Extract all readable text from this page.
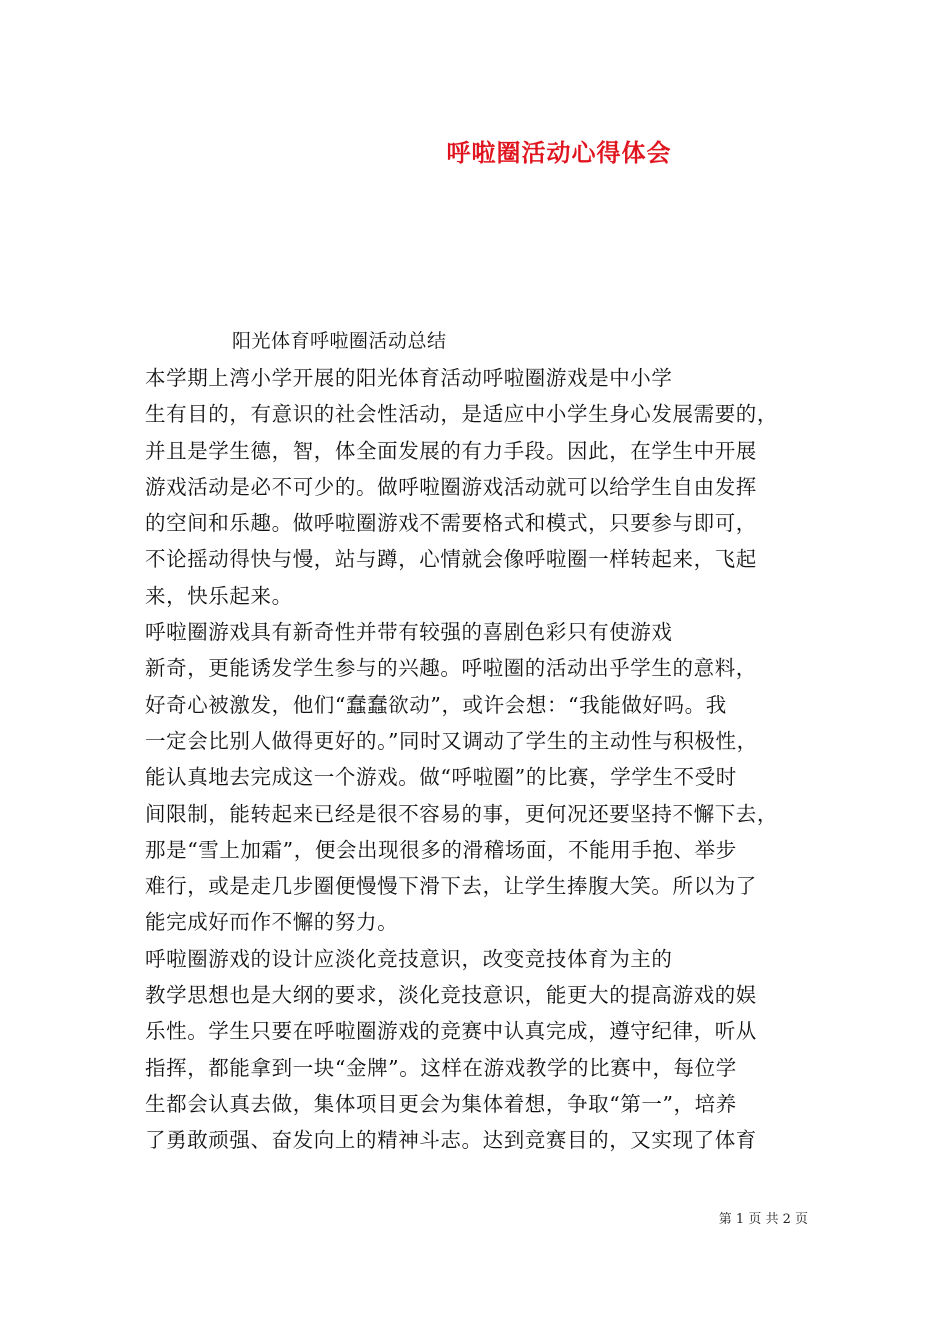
呼啦圈活动心得体会
阳光体育呼啦圈活动总结
本学期上湾小学开展的阳光体育活动呼啦圈游戏是中小学
生有目的，有意识的社会性活动，是适应中小学生身心发展需要的，
并且是学生德，智，体全面发展的有力手段。因此，在学生中开展
游戏活动是必不可少的。做呼啦圈游戏活动就可以给学生自由发挥
的空间和乐趣。做呼啦圈游戏不需要格式和模式，只要参与即可，
不论摇动得快与慢，站与蹲，心情就会像呼啦圈一样转起来，飞起
来，快乐起来。
呼啦圈游戏具有新奇性并带有较强的喜剧色彩只有使游戏
新奇，更能诱发学生参与的兴趣。呼啦圈的活动出乎学生的意料，
好奇心被激发，他们“蠢蠢欲动”，或许会想：“我能做好吗。我
一定会比别人做得更好的。”同时又调动了学生的主动性与积极性，
能认真地去完成这一个游戏。做“呼啦圈”的比赛，学学生不受时
间限制，能转起来已经是很不容易的事，更何况还要坚持不懈下去，
那是“雪上加霜”，便会出现很多的滑稽场面，不能用手抱、举步
难行，或是走几步圈便慢慢下滑下去，让学生捧腹大笑。所以为了
能完成好而作不懈的努力。
呼啦圈游戏的设计应淡化竞技意识，改变竞技体育为主的
教学思想也是大纲的要求，淡化竞技意识，能更大的提高游戏的娱
乐性。学生只要在呼啦圈游戏的竞赛中认真完成，遵守纪律，听从
指挥，都能拿到一块“金牌”。这样在游戏教学的比赛中，每位学
生都会认真去做，集体项目更会为集体着想，争取“第一”，培养
了勇敢顽强、奋发向上的精神斗志。达到竞赛目的，又实现了体育
第 1 页 共 2 页
